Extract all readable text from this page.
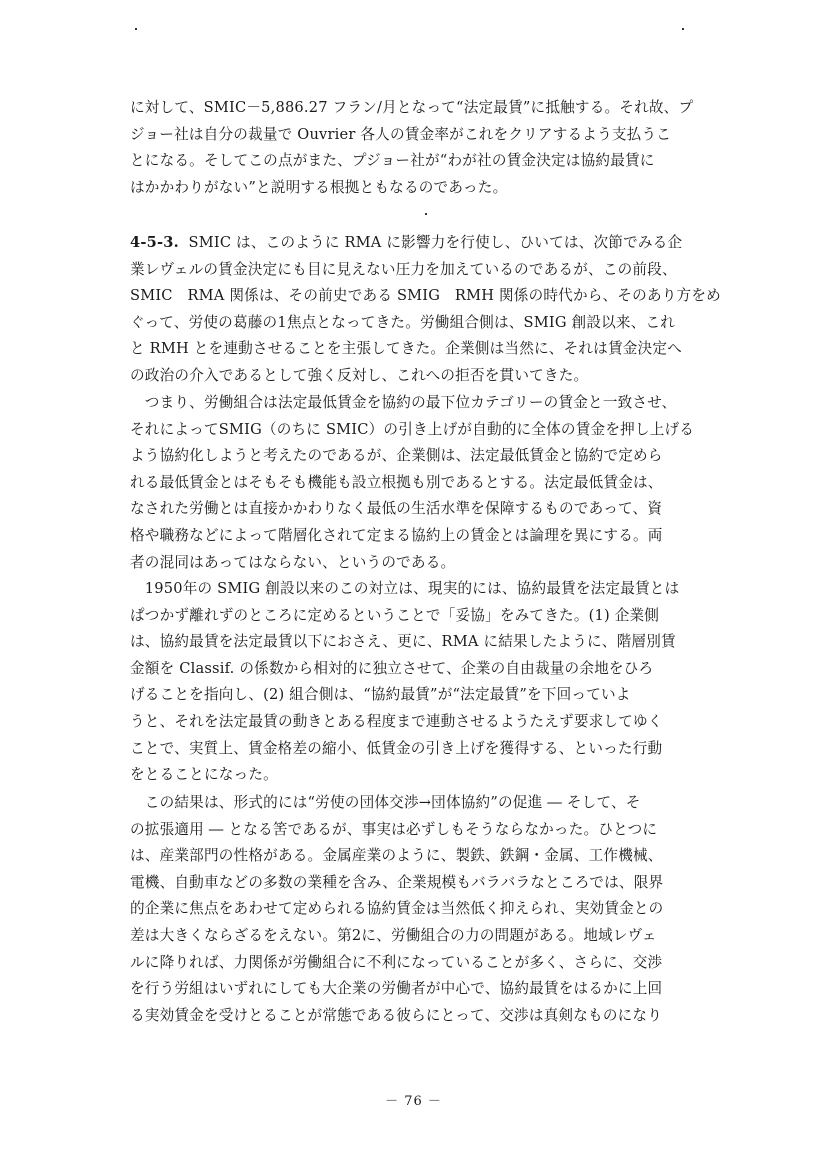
に対して、SMIC－5,886.27 フラン/月となって“法定最賃”に抵触する。それ故、プ
ジョー社は自分の裁量で Ouvrier 各人の賃金率がこれをクリアするよう支払うこ
とになる。そしてこの点がまた、プジョー社が“わが社の賃金決定は協約最賃に
はかかわりがない”と説明する根拠ともなるのであった。
4-5-3. SMIC は、このように RMA に影響力を行使し、ひいては、次節でみる企
業レヴェルの賃金決定にも目に見えない圧力を加えているのであるが、この前段、
SMIC　RMA 関係は、その前史である SMIG　RMH 関係の時代から、そのあり方をめ
ぐって、労使の葛藤の1焦点となってきた。労働組合側は、SMIG 創設以来、これ
と RMH とを連動させることを主張してきた。企業側は当然に、それは賃金決定へ
の政治の介入であるとして強く反対し、これへの拒否を貫いてきた。
　つまり、労働組合は法定最低賃金を協約の最下位カテゴリーの賃金と一致させ、
それによってSMIG（のちに SMIC）の引き上げが自動的に全体の賃金を押し上げる
よう協約化しようと考えたのであるが、企業側は、法定最低賃金と協約で定めら
れる最低賃金とはそもそも機能も設立根拠も別であるとする。法定最低賃金は、
なされた労働とは直接かかわりなく最低の生活水準を保障するものであって、資
格や職務などによって階層化されて定まる協約上の賃金とは論理を異にする。両
者の混同はあってはならない、というのである。
　1950年の SMIG 創設以来のこの対立は、現実的には、協約最賃を法定最賃とは
ぱつかず離れずのところに定めるということで「妥協」をみてきた。(1) 企業側
は、協約最賃を法定最賃以下におさえ、更に、RMA に結果したように、階層別賃
金額を Classif. の係数から相対的に独立させて、企業の自由裁量の余地をひろ
げることを指向し、(2) 組合側は、“協約最賃”が“法定最賃”を下回っていよ
うと、それを法定最賃の動きとある程度まで連動させるようたえず要求してゆく
ことで、実質上、賃金格差の縮小、低賃金の引き上げを獲得する、といった行動
をとることになった。
　この結果は、形式的には“労使の団体交渉→団体協約”の促進 ― そして、そ
の拡張適用 ― となる筈であるが、事実は必ずしもそうならなかった。ひとつに
は、産業部門の性格がある。金属産業のように、製鉄、鉄鋼・金属、工作機械、
電機、自動車などの多数の業種を含み、企業規模もバラバラなところでは、限界
的企業に焦点をあわせて定められる協約賃金は当然低く抑えられ、実効賃金との
差は大きくならざるをえない。第2に、労働組合の力の問題がある。地域レヴェ
ルに降りれば、力関係が労働組合に不利になっていることが多く、さらに、交渉
を行う労組はいずれにしても大企業の労働者が中心で、協約最賃をはるかに上回
る実効賃金を受けとることが常態である彼らにとって、交渉は真剣なものになり
－ 76 －
